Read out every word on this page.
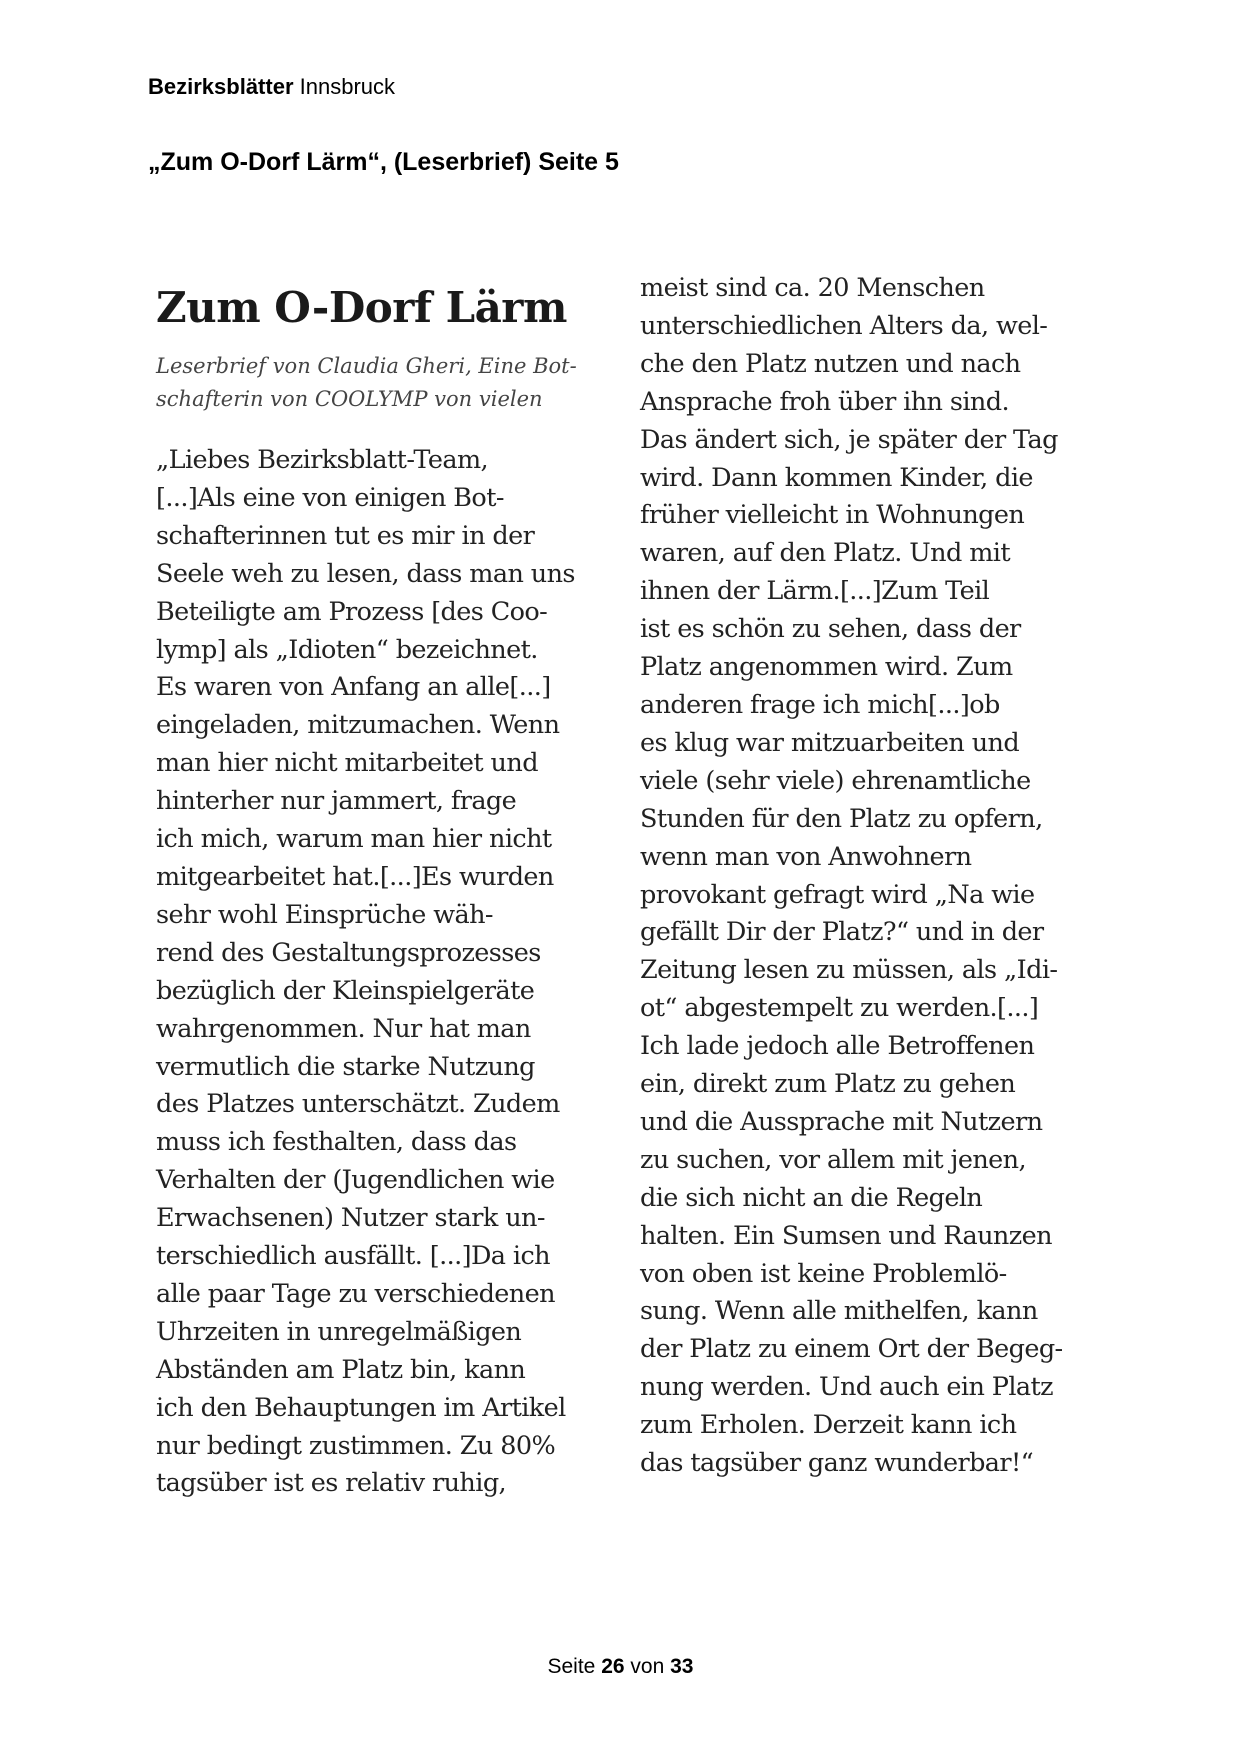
Bezirksblätter Innsbruck
„Zum O-Dorf Lärm“, (Leserbrief) Seite 5
Zum O-Dorf Lärm
Leserbrief von Claudia Gheri, Eine Bot-
schafterin von COOLYMP von vielen
„Liebes Bezirksblatt-Team,
[...]Als eine von einigen Bot-
schafterinnen tut es mir in der
Seele weh zu lesen, dass man uns
Beteiligte am Prozess [des Coo-
lymp] als „Idioten“ bezeichnet.
Es waren von Anfang an alle[...]
eingeladen, mitzumachen. Wenn
man hier nicht mitarbeitet und
hinterher nur jammert, frage
ich mich, warum man hier nicht
mitgearbeitet hat.[...]Es wurden
sehr wohl Einsprüche wäh-
rend des Gestaltungsprozesses
bezüglich der Kleinspielgeräte
wahrgenommen. Nur hat man
vermutlich die starke Nutzung
des Platzes unterschätzt. Zudem
muss ich festhalten, dass das
Verhalten der (Jugendlichen wie
Erwachsenen) Nutzer stark un-
terschiedlich ausfällt. [...]Da ich
alle paar Tage zu verschiedenen
Uhrzeiten in unregelmäßigen
Abständen am Platz bin, kann
ich den Behauptungen im Artikel
nur bedingt zustimmen. Zu 80%
tagsüber ist es relativ ruhig,
meist sind ca. 20 Menschen
unterschiedlichen Alters da, wel-
che den Platz nutzen und nach
Ansprache froh über ihn sind.
Das ändert sich, je später der Tag
wird. Dann kommen Kinder, die
früher vielleicht in Wohnungen
waren, auf den Platz. Und mit
ihnen der Lärm.[...]Zum Teil
ist es schön zu sehen, dass der
Platz angenommen wird. Zum
anderen frage ich mich[...]ob
es klug war mitzuarbeiten und
viele (sehr viele) ehrenamtliche
Stunden für den Platz zu opfern,
wenn man von Anwohnern
provokant gefragt wird „Na wie
gefällt Dir der Platz?“ und in der
Zeitung lesen zu müssen, als „Idi-
ot“ abgestempelt zu werden.[...]
Ich lade jedoch alle Betroffenen
ein, direkt zum Platz zu gehen
und die Aussprache mit Nutzern
zu suchen, vor allem mit jenen,
die sich nicht an die Regeln
halten. Ein Sumsen und Raunzen
von oben ist keine Problemlö-
sung. Wenn alle mithelfen, kann
der Platz zu einem Ort der Begeg-
nung werden. Und auch ein Platz
zum Erholen. Derzeit kann ich
das tagsüber ganz wunderbar!“
Seite 26 von 33
